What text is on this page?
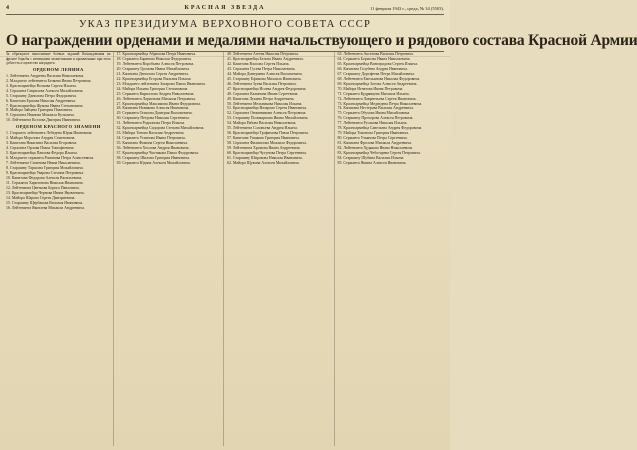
4	КРАСНАЯ ЗВЕЗДА	11 февраля 1943 г., среда, № 34 (5503).
УКАЗ ПРЕЗИДИУМА ВЕРХОВНОГО СОВЕТА СССР
О награждении орденами и медалями начальствующего и рядового состава Красной Армии
За образцовое выполнение боевых заданий Командования на фронте борьбы с немецкими захватчиками и проявленные при этом доблесть и мужество наградить:
ОРДЕНОМ ЛЕНИНА
1. Лейтенанта Андреева Василия Николаевича.
2. Младшего лейтенанта Беляева Ивана Петровича.
3. Красноармейца Волкова Сергея Ильича.
4. Сержанта Гаврилова Алексея Михайловича.
5. Старшину Данилова Петра Федоровича.
6. Капитана Ершова Николая Андреевича.
7. Красноармейца Жукова Ивана Степановича.
8. Майора Зайцева Григория Павловича.
9. Сержанта Иванова Михаила Кузьмича.
10. Лейтенанта Козлова Дмитрия Ивановича.
ОРДЕНОМ КРАСНОГО ЗНАМЕНИ
1. Старшего лейтенанта Лебедева Юрия Ивановича.
2. Майора Морозова Андрея Семеновича.
3. Капитана Никитина Василия Егоровича.
4. Сержанта Орлова Павла Тимофеевича.
5. Красноармейца Павлова Федора Ильича.
6. Младшего сержанта Романова Петра Алексеевича.
7. Лейтенанта Семенова Ивана Николаевича.
8. Старшину Тарасова Григория Михайловича.
9. Красноармейца Уварова Степана Петровича.
10. Капитана Федорова Алексея Васильевича.
11. Сержанта Харитонова Николая Ивановича.
12. Лейтенанта Цветкова Бориса Павловича.
13. Красноармейца Чернова Ивана Яковлевича.
14. Майора Шарова Сергея Дмитриевича.
15. Старшину Щербакова Василия Ивановича.
16. Лейтенанта Яковлева Михаила Андреевича.
17. Красноармейца Абрамова Петра Ивановича.
18. Сержанта Баранова Николая Федоровича.
19. Лейтенанта Воробьева Алексея Петровича.
20. Старшину Громова Ивана Михайловича.
21. Капитана Денисова Сергея Андреевича.
22. Красноармейца Егорова Василия Ильича.
23. Младшего лейтенанта Захарова Павла Ивановича.
24. Майора Ильина Григория Степановича.
25. Сержанта Кириллова Андрея Николаевича.
26. Лейтенанта Ларионова Михаила Петровича.
27. Красноармейца Максимова Ивана Федоровича.
28. Капитана Новикова Алексея Ивановича.
29. Сержанта Осипова Дмитрия Васильевича.
30. Старшину Петрова Николая Сергеевича.
31. Лейтенанта Родионова Петра Ильича.
32. Красноармейца Сидорова Степана Михайловича.
33. Майора Титова Василия Андреевича.
34. Сержанта Устинова Ивана Петровича.
35. Капитана Фомина Сергея Николаевича.
36. Лейтенанта Хохлова Андрея Ивановича.
37. Красноармейца Чистякова Павла Федоровича.
38. Старшину Шилова Григория Ивановича.
39. Сержанта Юдина Алексея Михайловича.
40. Лейтенанта Агеева Николая Петровича.
41. Красноармейца Белова Ивана Андреевича.
42. Капитана Власова Сергея Ильича.
43. Сержанта Гусева Петра Николаевича.
44. Майора Дмитриева Алексея Васильевича.
45. Старшину Ефимова Михаила Ивановича.
46. Лейтенанта Зуева Василия Петровича.
47. Красноармейца Исаева Андрея Федоровича.
48. Сержанта Калинина Ивана Сергеевича.
49. Капитана Лукина Петра Андреевича.
50. Лейтенанта Мельникова Николая Ильича.
51. Красноармейца Назарова Сергея Ивановича.
52. Сержанта Овчинникова Алексея Петровича.
53. Старшину Поликарпова Ивана Михайловича.
54. Майора Рябова Василия Николаевича.
55. Лейтенанта Соловьева Андрея Ильича.
56. Красноармейца Трофимова Павла Петровича.
57. Капитана Ушакова Григория Ивановича.
58. Сержанта Филиппова Михаила Федоровича.
59. Лейтенанта Хромова Ивана Андреевича.
60. Красноармейца Чугунова Петра Сергеевича.
61. Старшину Широкова Николая Ивановича.
62. Майора Щукина Алексея Михайловича.
63. Лейтенанта Аксенова Василия Петровича.
64. Сержанта Борисова Ивана Николаевича.
65. Красноармейца Виноградова Сергея Ильича.
66. Капитана Голубева Андрея Ивановича.
67. Старшину Дорофеева Петра Михайловича.
68. Лейтенанта Емельянова Николая Федоровича.
69. Красноармейца Зотова Алексея Андреевича.
70. Майора Игнатова Ивана Петровича.
71. Сержанта Кудрявцева Михаила Ильича.
72. Лейтенанта Лаврентьева Сергея Ивановича.
73. Красноармейца Медведева Петра Николаевича.
74. Капитана Нестерова Василия Андреевича.
75. Сержанта Обухова Ивана Михайловича.
76. Старшину Прохорова Алексея Петровича.
77. Лейтенанта Русакова Николая Ильича.
78. Красноармейца Савельева Андрея Федоровича.
79. Майора Тихонова Григория Ивановича.
80. Сержанта Ульянова Петра Сергеевича.
81. Капитана Фролова Михаила Андреевича.
82. Лейтенанта Худякова Ивана Николаевича.
83. Красноармейца Чеботарева Сергея Петровича.
84. Старшину Шубина Василия Ильича.
85. Сержанта Яшина Алексея Ивановича.
